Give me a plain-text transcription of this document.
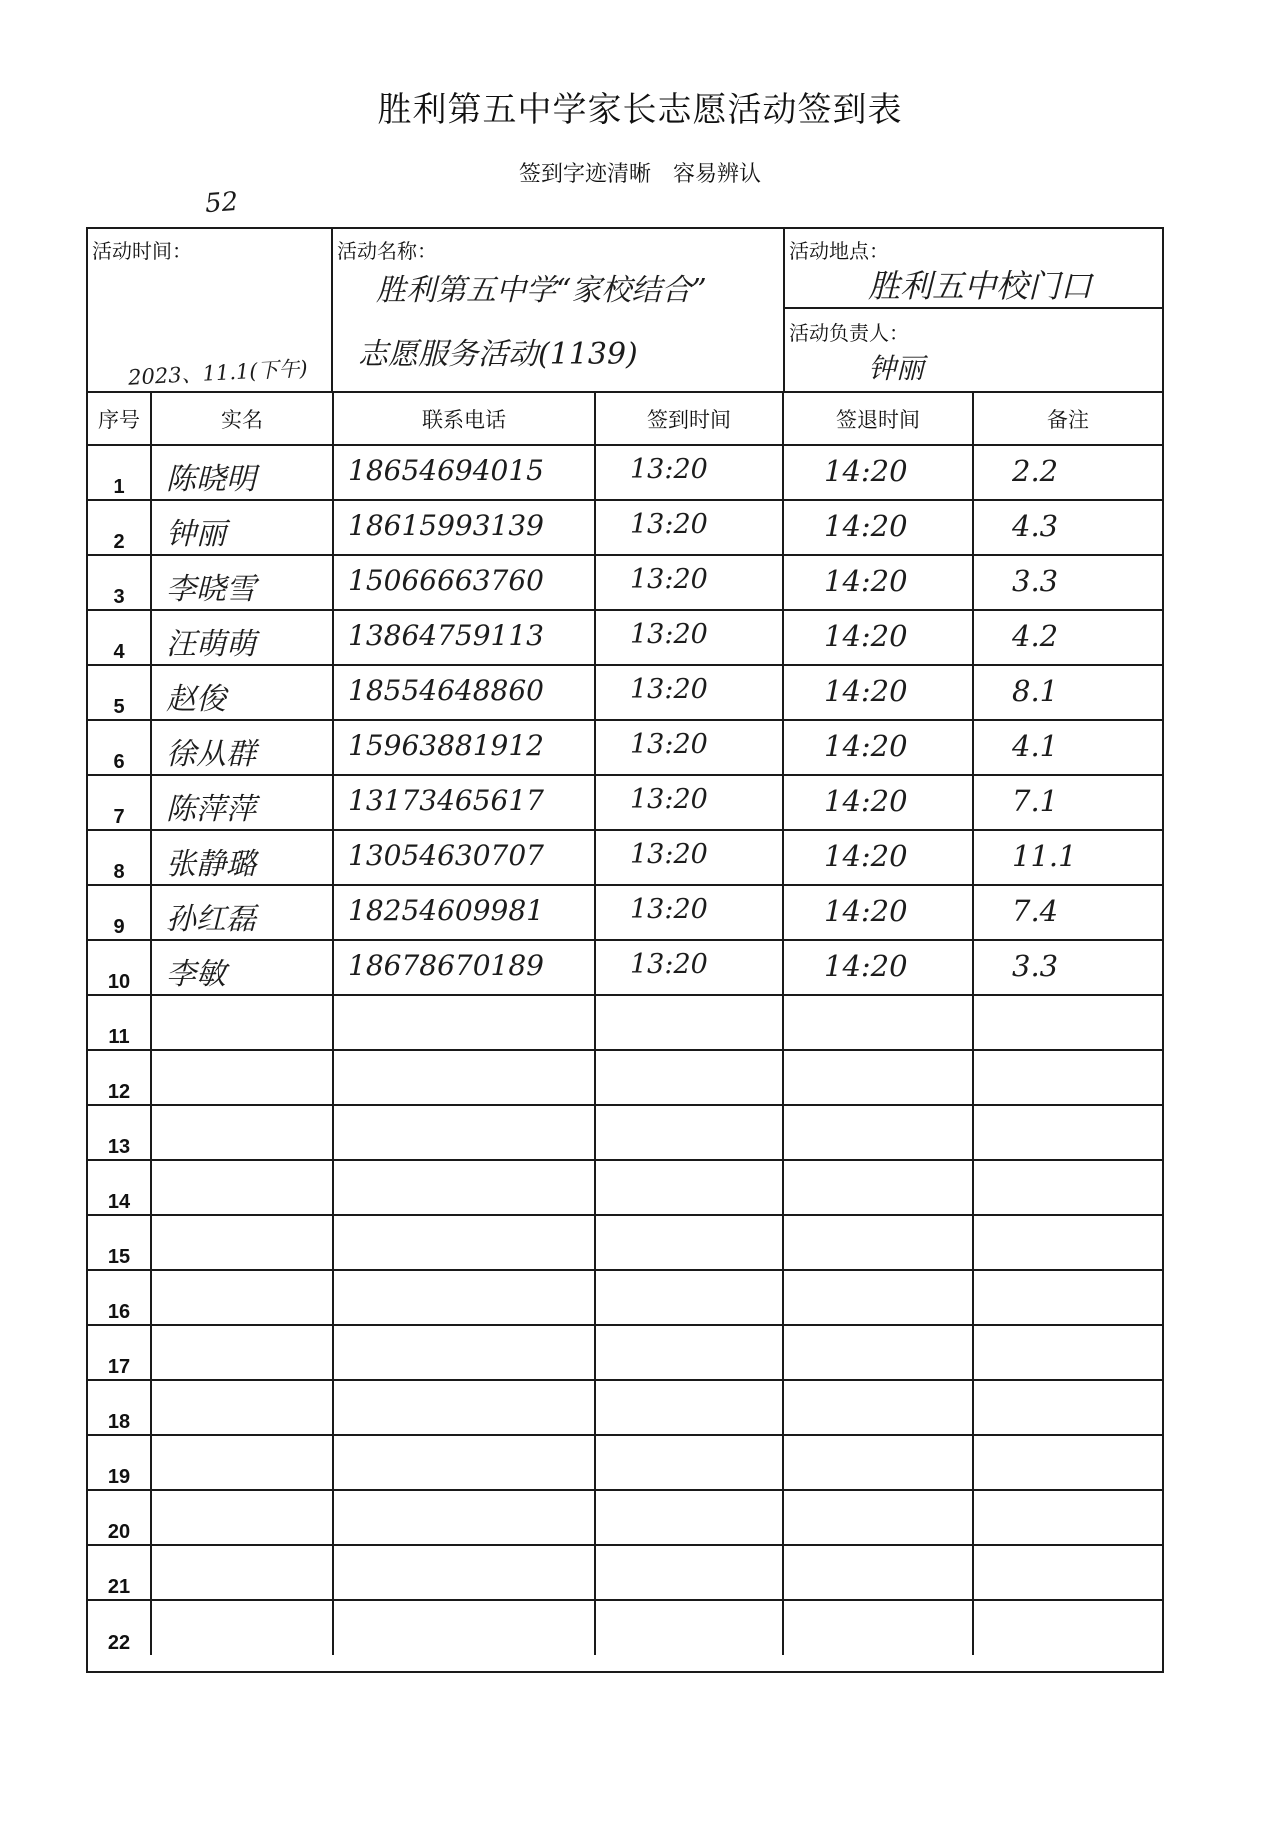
胜利第五中学家长志愿活动签到表
签到字迹清晰　容易辨认
52
活动时间：
2023、11.1(下午)
活动名称：
胜利第五中学“家校结合”
志愿服务活动(1139)
活动地点：
胜利五中校门口
活动负责人：
钟丽
序号	实名	联系电话	签到时间	签退时间	备注
1	陈晓明	18654694015	13:20	14:20	2.2

2	钟丽	18615993139	13:20	14:20	4.3

3	李晓雪	15066663760	13:20	14:20	3.3

4	汪萌萌	13864759113	13:20	14:20	4.2

5	赵俊	18554648860	13:20	14:20	8.1

6	徐从群	15963881912	13:20	14:20	4.1

7	陈萍萍	13173465617	13:20	14:20	7.1

8	张静璐	13054630707	13:20	14:20	11.1

9	孙红磊	18254609981	13:20	14:20	7.4

10	李敏	18678670189	13:20	14:20	3.3

11	

12	

13	

14	

15	

16	

17	

18	

19	

20	

21	

22	
